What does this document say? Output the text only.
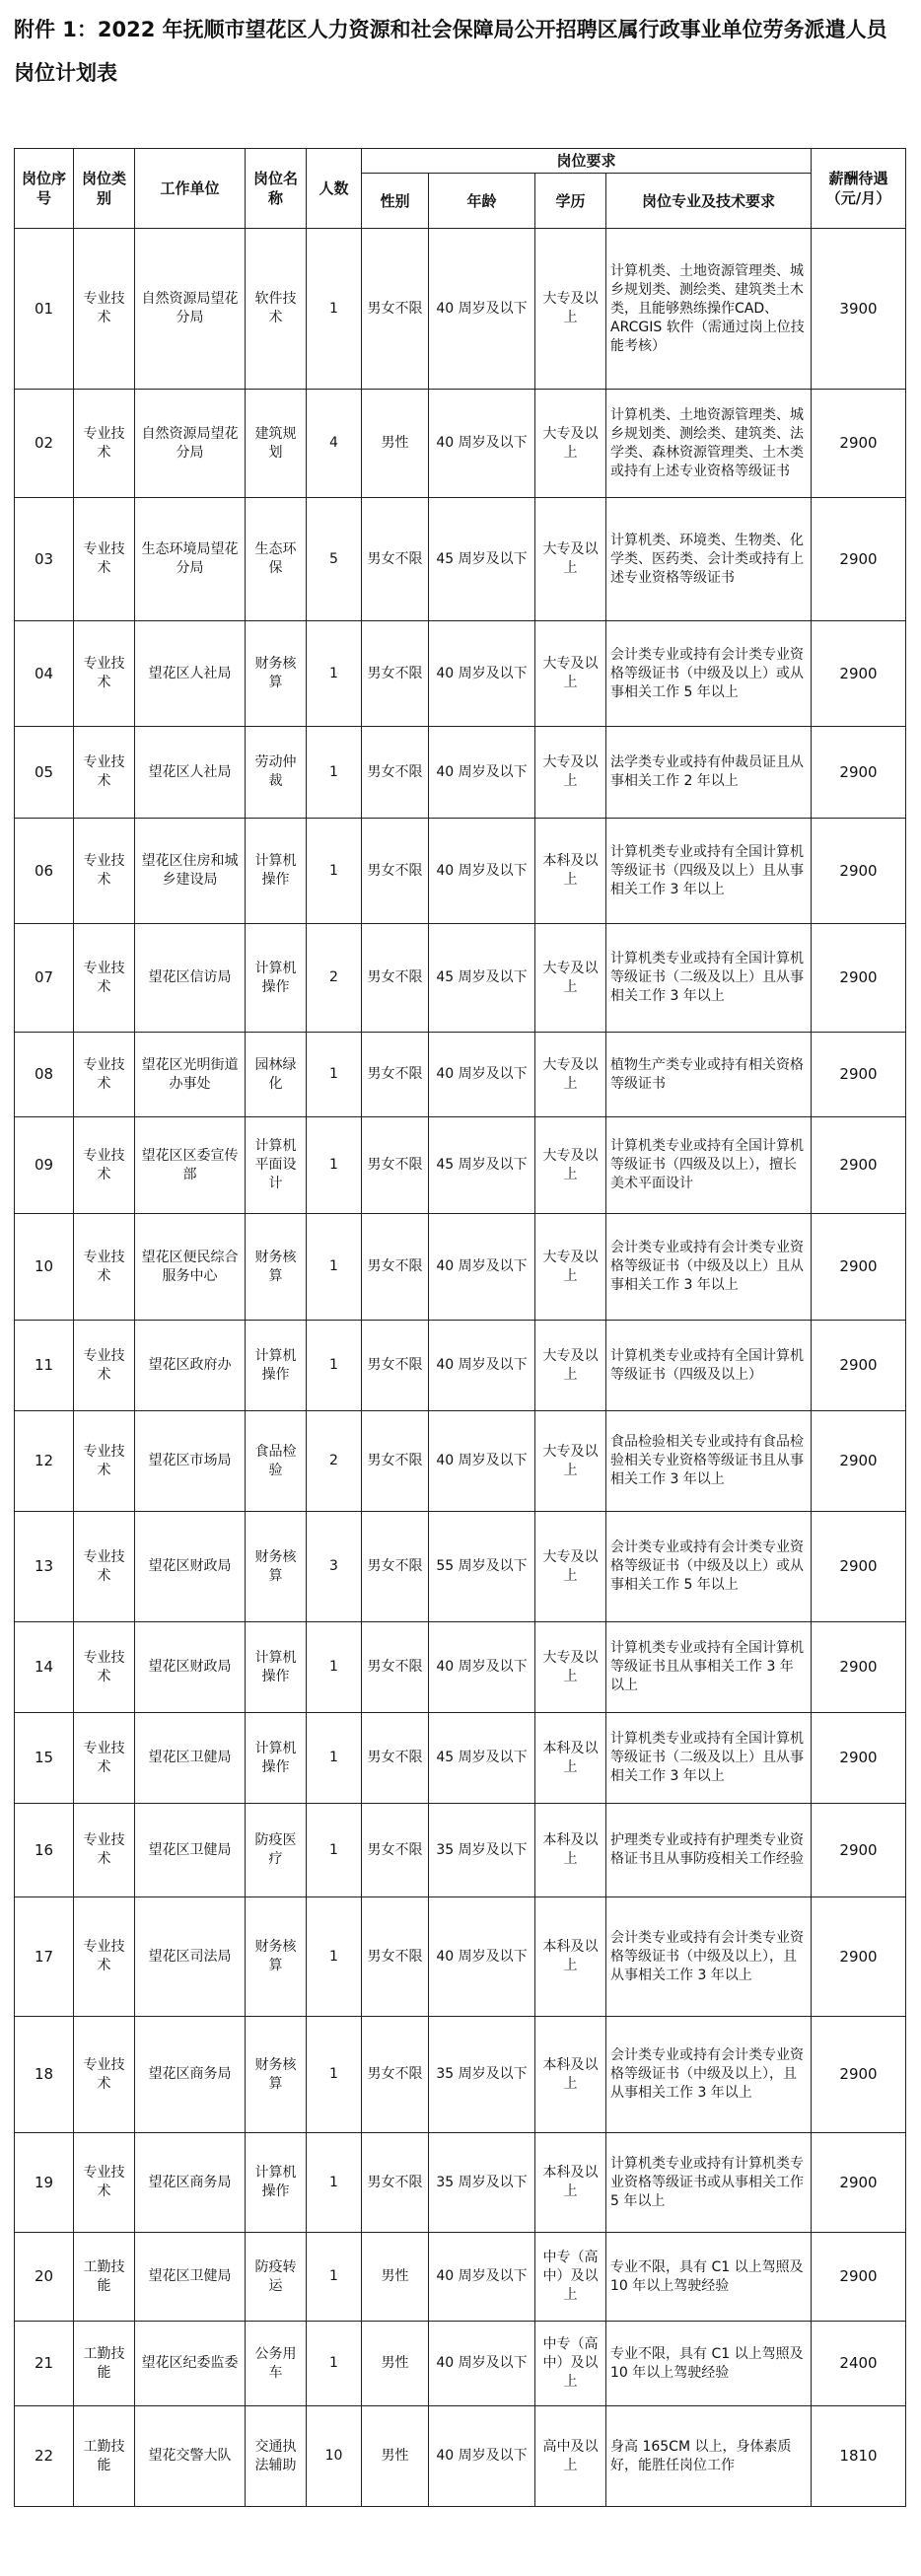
附件 1：2022 年抚顺市望花区人力资源和社会保障局公开招聘区属行政事业单位劳务派遣人员岗位计划表
岗位序号	岗位类别	工作单位	岗位名称	人数	岗位要求				薪酬待遇（元/月）
					性别	年龄	学历	岗位专业及技术要求	
01	专业技术	自然资源局望花分局	软件技术	1	男女不限	40 周岁及以下	大专及以上	计算机类、土地资源管理类、城乡规划类、测绘类、建筑类土木类，且能够熟练操作CAD、ARCGIS 软件（需通过岗上位技能考核）	3900
02	专业技术	自然资源局望花分局	建筑规划	4	男性	40 周岁及以下	大专及以上	计算机类、土地资源管理类、城乡规划类、测绘类、建筑类、法学类、森林资源管理类、土木类或持有上述专业资格等级证书	2900
03	专业技术	生态环境局望花分局	生态环保	5	男女不限	45 周岁及以下	大专及以上	计算机类、环境类、生物类、化学类、医药类、会计类或持有上述专业资格等级证书	2900
04	专业技术	望花区人社局	财务核算	1	男女不限	40 周岁及以下	大专及以上	会计类专业或持有会计类专业资格等级证书（中级及以上）或从事相关工作 5 年以上	2900
05	专业技术	望花区人社局	劳动仲裁	1	男女不限	40 周岁及以下	大专及以上	法学类专业或持有仲裁员证且从事相关工作 2 年以上	2900
06	专业技术	望花区住房和城乡建设局	计算机操作	1	男女不限	40 周岁及以下	本科及以上	计算机类专业或持有全国计算机等级证书（四级及以上）且从事相关工作 3 年以上	2900
07	专业技术	望花区信访局	计算机操作	2	男女不限	45 周岁及以下	大专及以上	计算机类专业或持有全国计算机等级证书（二级及以上）且从事相关工作 3 年以上	2900
08	专业技术	望花区光明街道办事处	园林绿化	1	男女不限	40 周岁及以下	大专及以上	植物生产类专业或持有相关资格等级证书	2900
09	专业技术	望花区区委宣传部	计算机平面设计	1	男女不限	45 周岁及以下	大专及以上	计算机类专业或持有全国计算机等级证书（四级及以上），擅长美术平面设计	2900
10	专业技术	望花区便民综合服务中心	财务核算	1	男女不限	40 周岁及以下	大专及以上	会计类专业或持有会计类专业资格等级证书（中级及以上）且从事相关工作 3 年以上	2900
11	专业技术	望花区政府办	计算机操作	1	男女不限	40 周岁及以下	大专及以上	计算机类专业或持有全国计算机等级证书（四级及以上）	2900
12	专业技术	望花区市场局	食品检验	2	男女不限	40 周岁及以下	大专及以上	食品检验相关专业或持有食品检验相关专业资格等级证书且从事相关工作 3 年以上	2900
13	专业技术	望花区财政局	财务核算	3	男女不限	55 周岁及以下	大专及以上	会计类专业或持有会计类专业资格等级证书（中级及以上）或从事相关工作 5 年以上	2900
14	专业技术	望花区财政局	计算机操作	1	男女不限	40 周岁及以下	大专及以上	计算机类专业或持有全国计算机等级证书且从事相关工作 3 年以上	2900
15	专业技术	望花区卫健局	计算机操作	1	男女不限	45 周岁及以下	本科及以上	计算机类专业或持有全国计算机等级证书（二级及以上）且从事相关工作 3 年以上	2900
16	专业技术	望花区卫健局	防疫医疗	1	男女不限	35 周岁及以下	本科及以上	护理类专业或持有护理类专业资格证书且从事防疫相关工作经验	2900
17	专业技术	望花区司法局	财务核算	1	男女不限	40 周岁及以下	本科及以上	会计类专业或持有会计类专业资格等级证书（中级及以上），且从事相关工作 3 年以上	2900
18	专业技术	望花区商务局	财务核算	1	男女不限	35 周岁及以下	本科及以上	会计类专业或持有会计类专业资格等级证书（中级及以上），且从事相关工作 3 年以上	2900
19	专业技术	望花区商务局	计算机操作	1	男女不限	35 周岁及以下	本科及以上	计算机类专业或持有计算机类专业资格等级证书或从事相关工作 5 年以上	2900
20	工勤技能	望花区卫健局	防疫转运	1	男性	40 周岁及以下	中专（高中）及以上	专业不限，具有 C1 以上驾照及 10 年以上驾驶经验	2900
21	工勤技能	望花区纪委监委	公务用车	1	男性	40 周岁及以下	中专（高中）及以上	专业不限，具有 C1 以上驾照及 10 年以上驾驶经验	2400
22	工勤技能	望花交警大队	交通执法辅助	10	男性	40 周岁及以下	高中及以上	身高 165CM 以上，身体素质好，能胜任岗位工作	1810
